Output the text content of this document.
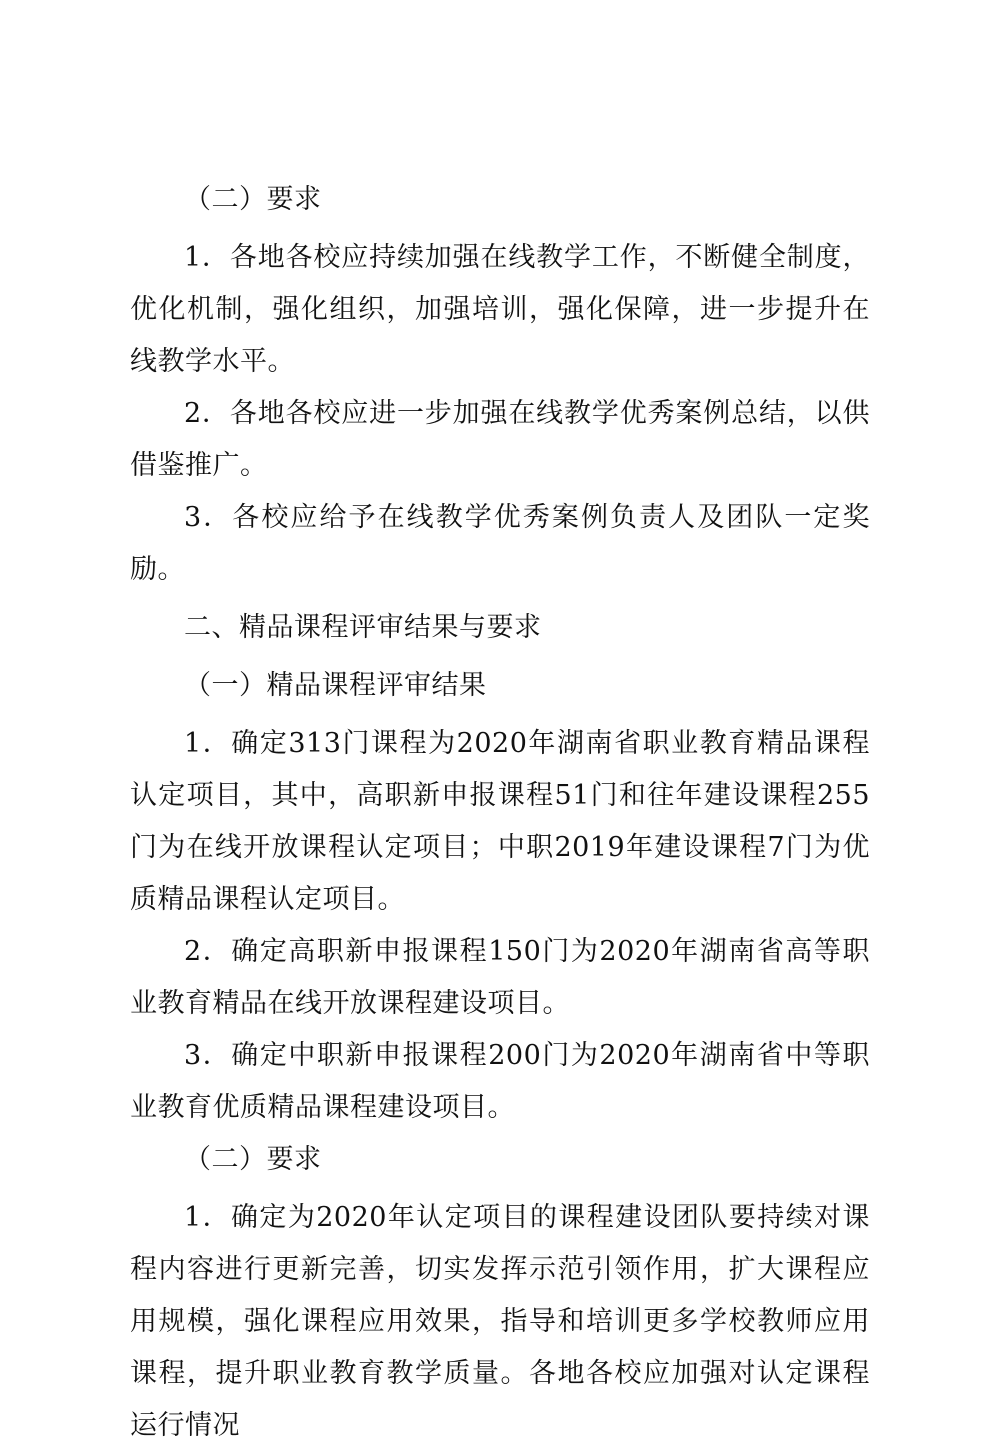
（二）要求

1．各地各校应持续加强在线教学工作，不断健全制度，优化机制，强化组织，加强培训，强化保障，进一步提升在线教学水平。

2．各地各校应进一步加强在线教学优秀案例总结，以供借鉴推广。

3．各校应给予在线教学优秀案例负责人及团队一定奖励。

二、精品课程评审结果与要求

（一）精品课程评审结果

1．确定313门课程为2020年湖南省职业教育精品课程认定项目，其中，高职新申报课程51门和往年建设课程255门为在线开放课程认定项目；中职2019年建设课程7门为优质精品课程认定项目。

2．确定高职新申报课程150门为2020年湖南省高等职业教育精品在线开放课程建设项目。

3．确定中职新申报课程200门为2020年湖南省中等职业教育优质精品课程建设项目。

（二）要求

1．确定为2020年认定项目的课程建设团队要持续对课程内容进行更新完善，切实发挥示范引领作用，扩大课程应用规模，强化课程应用效果，指导和培训更多学校教师应用课程，提升职业教育教学质量。各地各校应加强对认定课程运行情况
